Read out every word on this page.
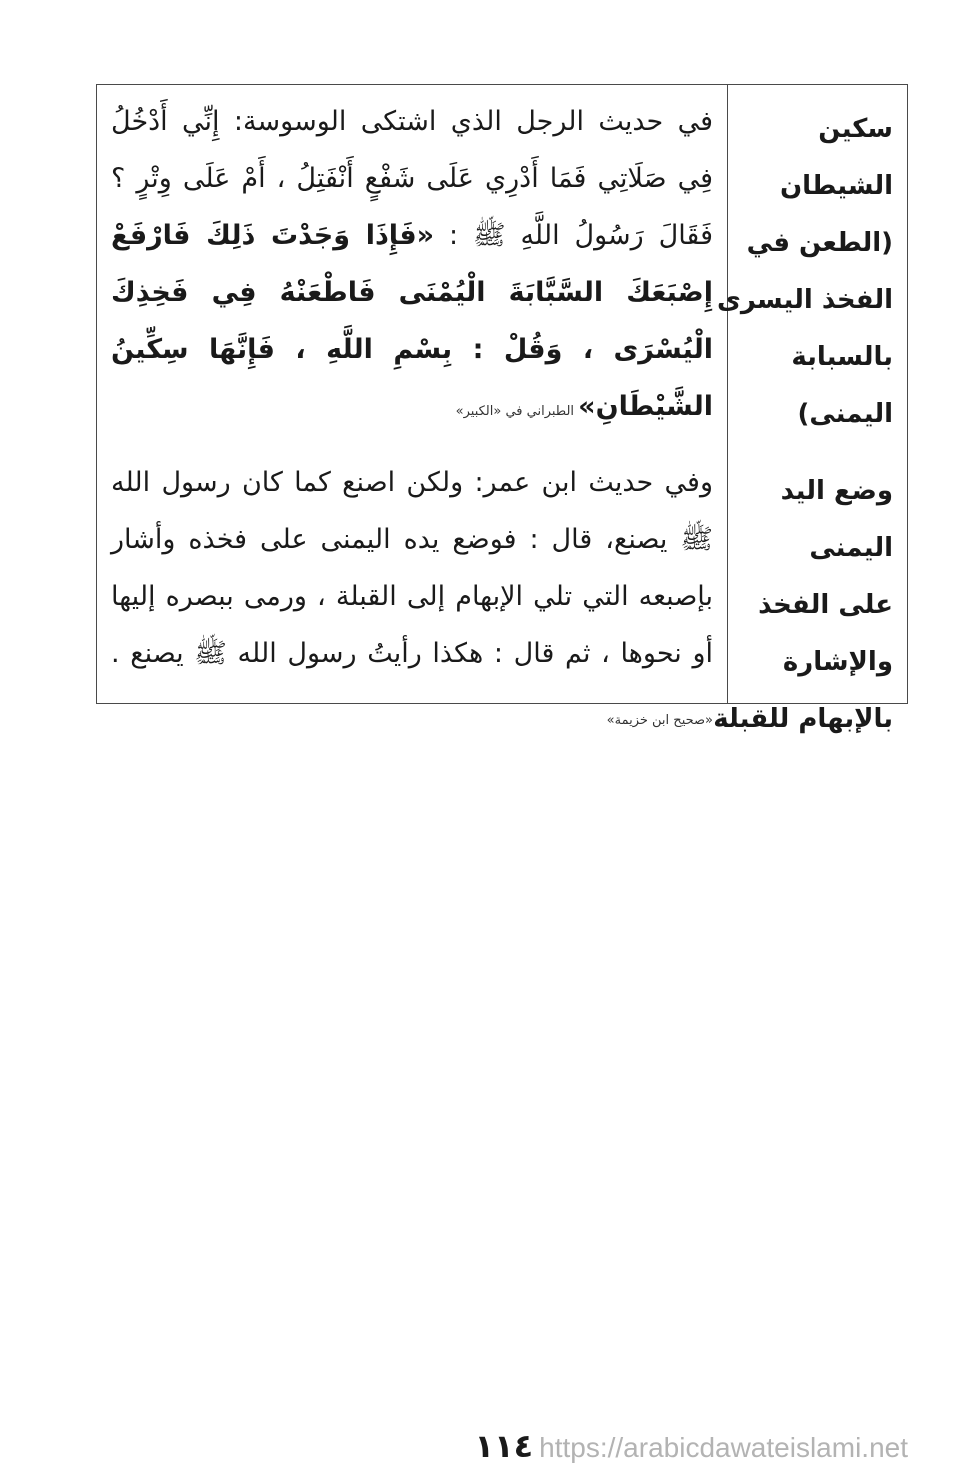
سكين
الشيطان
(الطعن في
الفخذ اليسرى
بالسبابة
اليمنى)
وضع اليد
اليمنى
على الفخذ
والإشارة
بالإبهام للقبلة

في حديث الرجل الذي اشتكى الوسوسة: إِنِّي أَدْخُلُ فِي صَلَاتِي فَمَا أَدْرِي عَلَى شَفْعٍ أَنْفَتِلُ ، أَمْ عَلَى وِتْرٍ ؟ فَقَالَ رَسُولُ اللَّهِ ﷺ : «فَإِذَا وَجَدْتَ ذَلِكَ فَارْفَعْ إِصْبَعَكَ السَّبَّابَةَ الْيُمْنَى فَاطْعَنْهُ فِي فَخِذِكَ الْيُسْرَى ، وَقُلْ : بِسْمِ اللَّهِ ، فَإِنَّهَا سِكِّينُ الشَّيْطَانِ» الطبراني في «الكبير»

وفي حديث ابن عمر: ولكن اصنع كما كان رسول الله ﷺ يصنع، قال : فوضع يده اليمنى على فخذه وأشار بإصبعه التي تلي الإبهام إلى القبلة ، ورمى ببصره إليها أو نحوها ، ثم قال : هكذا رأيتُ رسول الله ﷺ يصنع . «صحيح ابن خزيمة»

١١٤ https://arabicdawateislami.net
